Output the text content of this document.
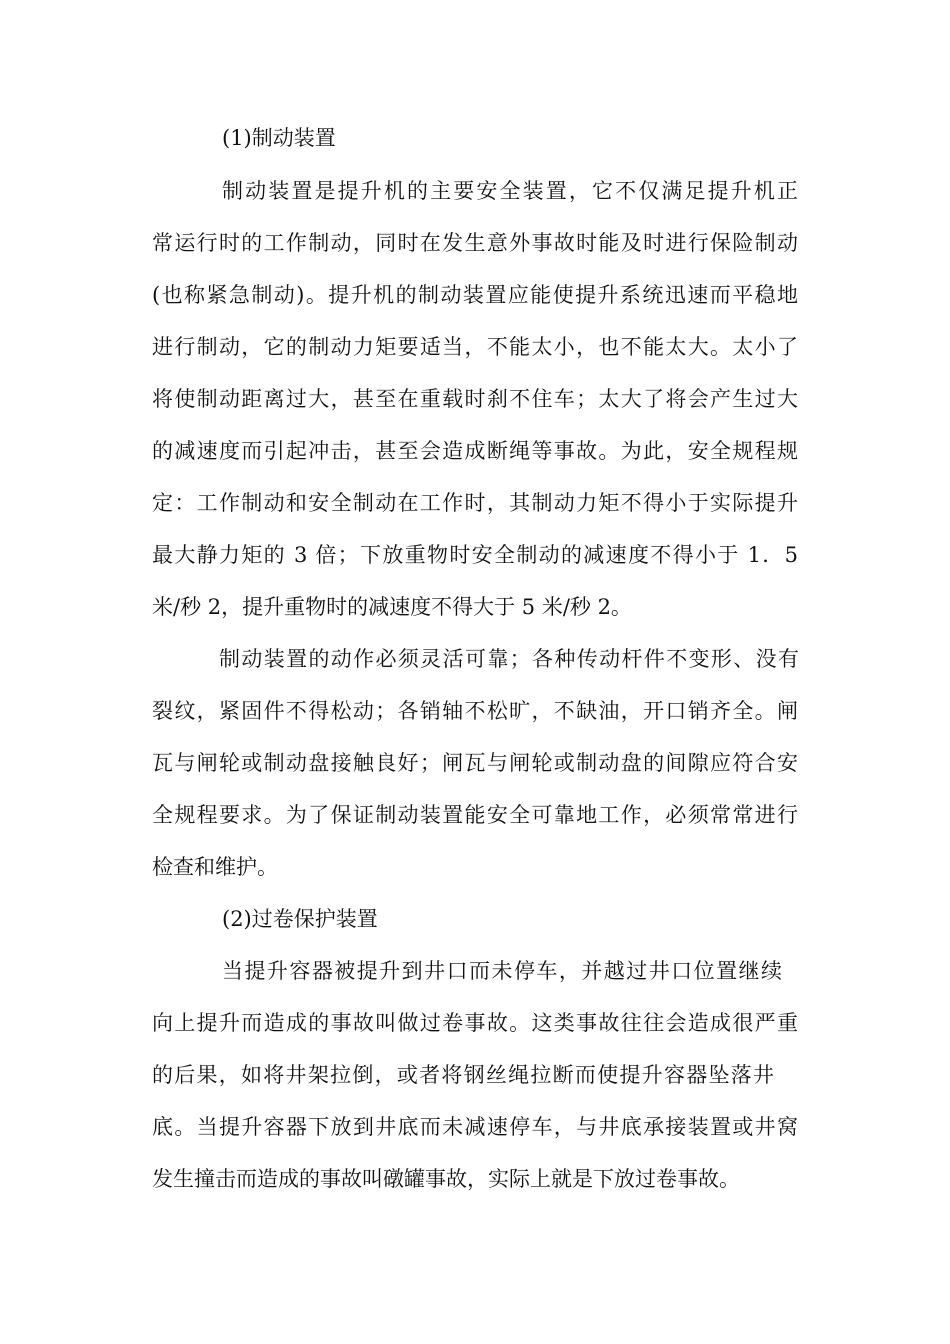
(1)制动装置
制动装置是提升机的主要安全装置，它不仅满足提升机正
常运行时的工作制动，同时在发生意外事故时能及时进行保险制动
(也称紧急制动)。提升机的制动装置应能使提升系统迅速而平稳地
进行制动，它的制动力矩要适当，不能太小，也不能太大。太小了
将使制动距离过大，甚至在重载时刹不住车；太大了将会产生过大
的减速度而引起冲击，甚至会造成断绳等事故。为此，安全规程规
定：工作制动和安全制动在工作时，其制动力矩不得小于实际提升
最大静力矩的 3 倍；下放重物时安全制动的减速度不得小于 1．5
米/秒 2，提升重物时的减速度不得大于 5 米/秒 2。
制动装置的动作必须灵活可靠；各种传动杆件不变形、没有
裂纹，紧固件不得松动；各销轴不松旷，不缺油，开口销齐全。闸
瓦与闸轮或制动盘接触良好；闸瓦与闸轮或制动盘的间隙应符合安
全规程要求。为了保证制动装置能安全可靠地工作，必须常常进行
检查和维护。
(2)过卷保护装置
当提升容器被提升到井口而未停车，并越过井口位置继续
向上提升而造成的事故叫做过卷事故。这类事故往往会造成很严重
的后果，如将井架拉倒，或者将钢丝绳拉断而使提升容器坠落井
底。当提升容器下放到井底而未减速停车，与井底承接装置或井窝
发生撞击而造成的事故叫礅罐事故，实际上就是下放过卷事故。
